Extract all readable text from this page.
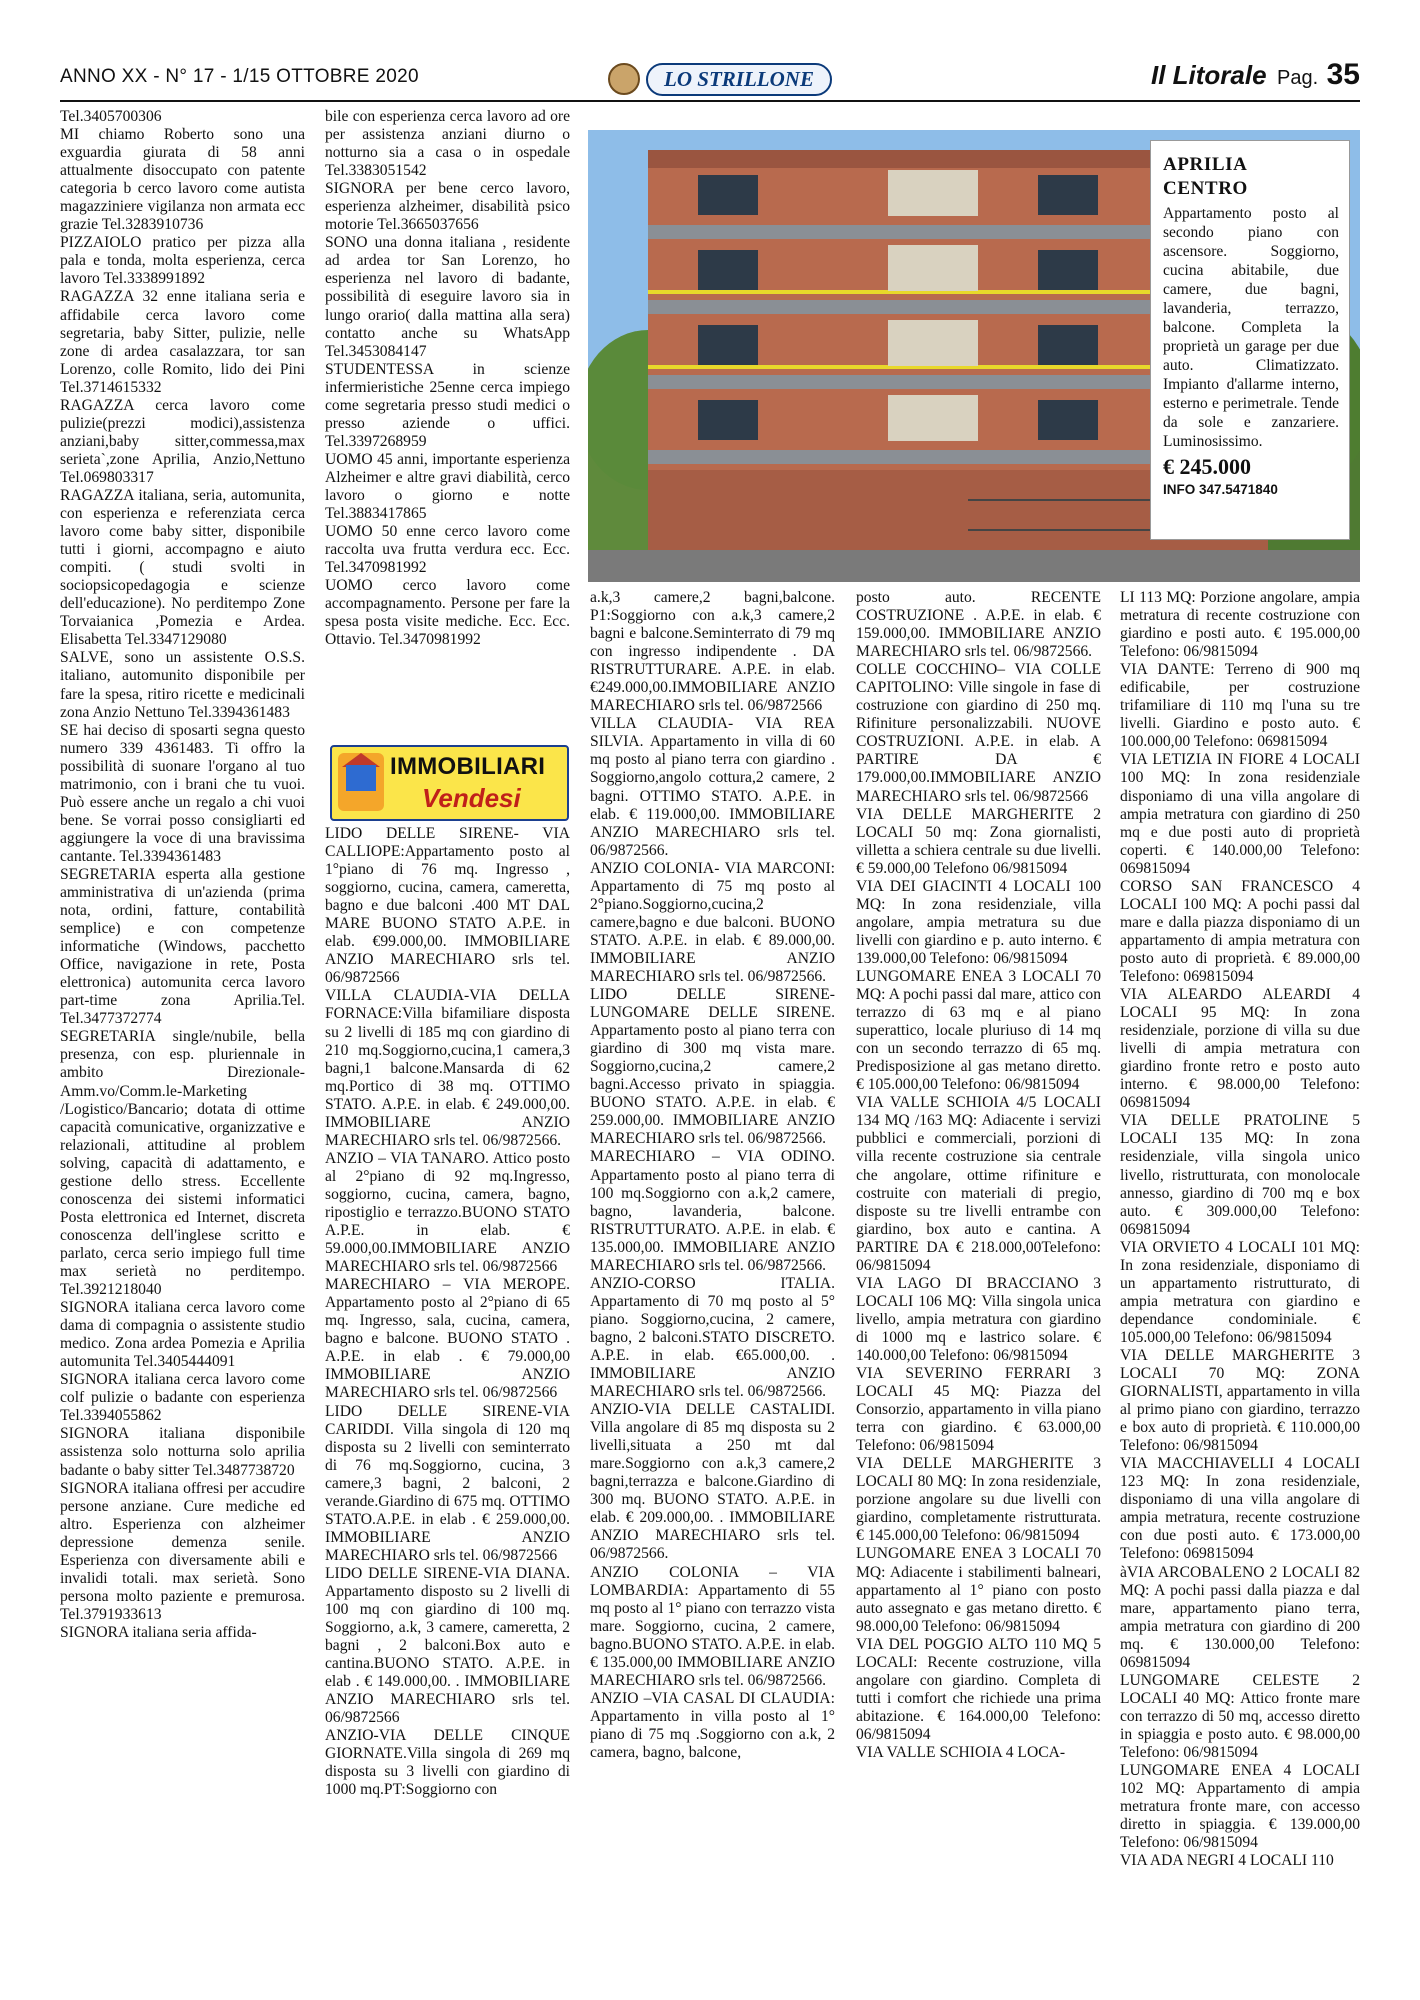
ANNO XX - N° 17 - 1/15 OTTOBRE 2020	LO STRILLONE	Il Litorale Pag. 35

Tel.3405700306

MI chiamo Roberto sono una exguardia giurata di 58 anni attualmente disoccupato con patente categoria b cerco lavoro come autista magazziniere vigilanza non armata ecc grazie Tel.3283910736

PIZZAIOLO pratico per pizza alla pala e tonda, molta esperienza, cerca lavoro Tel.3338991892

RAGAZZA 32 enne italiana seria e affidabile cerca lavoro come segretaria, baby Sitter, pulizie, nelle zone di ardea casalazzara, tor san Lorenzo, colle Romito, lido dei Pini Tel.3714615332

RAGAZZA cerca lavoro come pulizie(prezzi modici),assistenza anziani,baby sitter,commessa,max serieta`,zone Aprilia, Anzio,Nettuno Tel.069803317

RAGAZZA italiana, seria, automunita, con esperienza e referenziata cerca lavoro come baby sitter, disponibile tutti i giorni, accompagno e aiuto compiti. ( studi svolti in sociopsicopedagogia e scienze dell'educazione). No perditempo Zone Torvaianica ,Pomezia e Ardea. Elisabetta Tel.3347129080

SALVE, sono un assistente O.S.S. italiano, automunito disponibile per fare la spesa, ritiro ricette e medicinali zona Anzio Nettuno Tel.3394361483

SE hai deciso di sposarti segna questo numero 339 4361483. Ti offro la possibilità di suonare l'organo al tuo matrimonio, con i brani che tu vuoi. Può essere anche un regalo a chi vuoi bene. Se vorrai posso consigliarti ed aggiungere la voce di una bravissima cantante. Tel.3394361483

SEGRETARIA esperta alla gestione amministrativa di un'azienda (prima nota, ordini, fatture, contabilità semplice) e con competenze informatiche (Windows, pacchetto Office, navigazione in rete, Posta elettronica) automunita cerca lavoro part-time zona Aprilia.Tel. Tel.3477372774

SEGRETARIA single/nubile, bella presenza, con esp. pluriennale in ambito Direzionale-Amm.vo/Comm.le-Marketing /Logistico/Bancario; dotata di ottime capacità comunicative, organizzative e relazionali, attitudine al problem solving, capacità di adattamento, e gestione dello stress. Eccellente conoscenza dei sistemi informatici Posta elettronica ed Internet, discreta conoscenza dell'inglese scritto e parlato, cerca serio impiego full time max serietà no perditempo. Tel.3921218040

SIGNORA italiana cerca lavoro come dama di compagnia o assistente studio medico. Zona ardea Pomezia e Aprilia automunita Tel.3405444091

SIGNORA italiana cerca lavoro come colf pulizie o badante con esperienza Tel.3394055862

SIGNORA italiana disponibile assistenza solo notturna solo aprilia badante o baby sitter Tel.3487738720

SIGNORA italiana offresi per accudire persone anziane. Cure mediche ed altro. Esperienza con alzheimer depressione demenza senile. Esperienza con diversamente abili e invalidi totali. max serietà. Sono persona molto paziente e premurosa. Tel.3791933613

SIGNORA italiana seria affida-

bile con esperienza cerca lavoro ad ore per assistenza anziani diurno o notturno sia a casa o in ospedale Tel.3383051542

SIGNORA per bene cerco lavoro, esperienza alzheimer, disabilità psico motorie Tel.3665037656

SONO una donna italiana , residente ad ardea tor San Lorenzo, ho esperienza nel lavoro di badante, possibilità di eseguire lavoro sia in lungo orario( dalla mattina alla sera) contatto anche su WhatsApp Tel.3453084147

STUDENTESSA in scienze infermieristiche 25enne cerca impiego come segretaria presso studi medici o presso aziende o uffici. Tel.3397268959

UOMO 45 anni, importante esperienza Alzheimer e altre gravi diabilità, cerco lavoro o giorno e notte Tel.3883417865

UOMO 50 enne cerco lavoro come raccolta uva frutta verdura ecc. Ecc. Tel.3470981992

UOMO cerco lavoro come accompagnamento. Persone per fare la spesa posta visite mediche. Ecc. Ecc. Ottavio. Tel.3470981992

IMMOBILIARI
Vendesi

LIDO DELLE SIRENE- VIA CALLIOPE:Appartamento posto al 1°piano di 76 mq. Ingresso , soggiorno, cucina, camera, cameretta, bagno e due balconi .400 MT DAL MARE BUONO STATO A.P.E. in elab. €99.000,00. IMMOBILIARE ANZIO MARECHIARO srls tel. 06/9872566

VILLA CLAUDIA-VIA DELLA FORNACE:Villa bifamiliare disposta su 2 livelli di 185 mq con giardino di 210 mq.Soggiorno,cucina,1 camera,3 bagni,1 balcone.Mansarda di 62 mq.Portico di 38 mq. OTTIMO STATO. A.P.E. in elab. € 249.000,00. IMMOBILIARE ANZIO MARECHIARO srls tel. 06/9872566.

ANZIO – VIA TANARO. Attico posto al 2°piano di 92 mq.Ingresso, soggiorno, cucina, camera, bagno, ripostiglio e terrazzo.BUONO STATO A.P.E. in elab. € 59.000,00.IMMOBILIARE ANZIO MARECHIARO srls tel. 06/9872566

MARECHIARO – VIA MEROPE. Appartamento posto al 2°piano di 65 mq. Ingresso, sala, cucina, camera, bagno e balcone. BUONO STATO . A.P.E. in elab . € 79.000,00 IMMOBILIARE ANZIO MARECHIARO srls tel. 06/9872566

LIDO DELLE SIRENE-VIA CARIDDI. Villa singola di 120 mq disposta su 2 livelli con seminterrato di 76 mq.Soggiorno, cucina, 3 camere,3 bagni, 2 balconi, 2 verande.Giardino di 675 mq. OTTIMO STATO.A.P.E. in elab . € 259.000,00. IMMOBILIARE ANZIO MARECHIARO srls tel. 06/9872566

LIDO DELLE SIRENE-VIA DIANA. Appartamento disposto su 2 livelli di 100 mq con giardino di 100 mq. Soggiorno, a.k, 3 camere, cameretta, 2 bagni , 2 balconi.Box auto e cantina.BUONO STATO. A.P.E. in elab . € 149.000,00. . IMMOBILIARE ANZIO MARECHIARO srls tel. 06/9872566

ANZIO-VIA DELLE CINQUE GIORNATE.Villa singola di 269 mq disposta su 3 livelli con giardino di 1000 mq.PT:Soggiorno con

APRILIA
CENTRO
Appartamento posto al secondo piano con ascensore. Soggiorno, cucina abitabile, due camere, due bagni, lavanderia, terrazzo, balcone. Completa la proprietà un garage per due auto. Climatizzato. Impianto d'allarme interno, esterno e perimetrale. Tende da sole e zanzariere. Luminosissimo.
€ 245.000
INFO 347.5471840

a.k,3 camere,2 bagni,balcone. P1:Soggiorno con a.k,3 camere,2 bagni e balcone.Seminterrato di 79 mq con ingresso indipendente . DA RISTRUTTURARE. A.P.E. in elab. €249.000,00.IMMOBILIARE ANZIO MARECHIARO srls tel. 06/9872566

VILLA CLAUDIA- VIA REA SILVIA. Appartamento in villa di 60 mq posto al piano terra con giardino . Soggiorno,angolo cottura,2 camere, 2 bagni. OTTIMO STATO. A.P.E. in elab. € 119.000,00. IMMOBILIARE ANZIO MARECHIARO srls tel. 06/9872566.

ANZIO COLONIA- VIA MARCONI: Appartamento di 75 mq posto al 2°piano.Soggiorno,cucina,2 camere,bagno e due balconi. BUONO STATO. A.P.E. in elab. € 89.000,00. IMMOBILIARE ANZIO MARECHIARO srls tel. 06/9872566.

LIDO DELLE SIRENE-LUNGOMARE DELLE SIRENE. Appartamento posto al piano terra con giardino di 300 mq vista mare. Soggiorno,cucina,2 camere,2 bagni.Accesso privato in spiaggia. BUONO STATO. A.P.E. in elab. € 259.000,00. IMMOBILIARE ANZIO MARECHIARO srls tel. 06/9872566.

MARECHIARO – VIA ODINO. Appartamento posto al piano terra di 100 mq.Soggiorno con a.k,2 camere, bagno, lavanderia, balcone. RISTRUTTURATO. A.P.E. in elab. € 135.000,00. IMMOBILIARE ANZIO MARECHIARO srls tel. 06/9872566.

ANZIO-CORSO ITALIA. Appartamento di 70 mq posto al 5° piano. Soggiorno,cucina, 2 camere, bagno, 2 balconi.STATO DISCRETO. A.P.E. in elab. €65.000,00. . IMMOBILIARE ANZIO MARECHIARO srls tel. 06/9872566.

ANZIO-VIA DELLE CASTALIDI. Villa angolare di 85 mq disposta su 2 livelli,situata a 250 mt dal mare.Soggiorno con a.k,3 camere,2 bagni,terrazza e balcone.Giardino di 300 mq. BUONO STATO. A.P.E. in elab. € 209.000,00. . IMMOBILIARE ANZIO MARECHIARO srls tel. 06/9872566.

ANZIO COLONIA – VIA LOMBARDIA: Appartamento di 55 mq posto al 1° piano con terrazzo vista mare. Soggiorno, cucina, 2 camere, bagno.BUONO STATO. A.P.E. in elab. € 135.000,00 IMMOBILIARE ANZIO MARECHIARO srls tel. 06/9872566.

ANZIO –VIA CASAL DI CLAUDIA: Appartamento in villa posto al 1° piano di 75 mq .Soggiorno con a.k, 2 camera, bagno, balcone,

posto auto. RECENTE COSTRUZIONE . A.P.E. in elab. € 159.000,00. IMMOBILIARE ANZIO MARECHIARO srls tel. 06/9872566.

COLLE COCCHINO– VIA COLLE CAPITOLINO: Ville singole in fase di costruzione con giardino di 250 mq. Rifiniture personalizzabili. NUOVE COSTRUZIONI. A.P.E. in elab. A PARTIRE DA € 179.000,00.IMMOBILIARE ANZIO MARECHIARO srls tel. 06/9872566

VIA DELLE MARGHERITE 2 LOCALI 50 mq: Zona giornalisti, villetta a schiera centrale su due livelli. € 59.000,00 Telefono 06/9815094

VIA DEI GIACINTI 4 LOCALI 100 MQ: In zona residenziale, villa angolare, ampia metratura su due livelli con giardino e p. auto interno. € 139.000,00 Telefono: 06/9815094

LUNGOMARE ENEA 3 LOCALI 70 MQ: A pochi passi dal mare, attico con terrazzo di 63 mq e al piano superattico, locale pluriuso di 14 mq con un secondo terrazzo di 65 mq. Predisposizione al gas metano diretto. € 105.000,00 Telefono: 06/9815094

VIA VALLE SCHIOIA 4/5 LOCALI 134 MQ /163 MQ: Adiacente i servizi pubblici e commerciali, porzioni di villa recente costruzione sia centrale che angolare, ottime rifiniture e costruite con materiali di pregio, disposte su tre livelli entrambe con giardino, box auto e cantina. A PARTIRE DA € 218.000,00Telefono: 06/9815094

VIA LAGO DI BRACCIANO 3 LOCALI 106 MQ: Villa singola unica livello, ampia metratura con giardino di 1000 mq e lastrico solare. € 140.000,00 Telefono: 06/9815094

VIA SEVERINO FERRARI 3 LOCALI 45 MQ: Piazza del Consorzio, appartamento in villa piano terra con giardino. € 63.000,00 Telefono: 06/9815094

VIA DELLE MARGHERITE 3 LOCALI 80 MQ: In zona residenziale, porzione angolare su due livelli con giardino, completamente ristrutturata. € 145.000,00 Telefono: 06/9815094

LUNGOMARE ENEA 3 LOCALI 70 MQ: Adiacente i stabilimenti balneari, appartamento al 1° piano con posto auto assegnato e gas metano diretto. € 98.000,00 Telefono: 06/9815094

VIA DEL POGGIO ALTO 110 MQ 5 LOCALI: Recente costruzione, villa angolare con giardino. Completa di tutti i comfort che richiede una prima abitazione. € 164.000,00 Telefono: 06/9815094

VIA VALLE SCHIOIA 4 LOCA-

LI 113 MQ: Porzione angolare, ampia metratura di recente costruzione con giardino e posti auto. € 195.000,00 Telefono: 06/9815094

VIA DANTE: Terreno di 900 mq edificabile, per costruzione trifamiliare di 110 mq l'una su tre livelli. Giardino e posto auto. € 100.000,00 Telefono: 069815094

VIA LETIZIA IN FIORE 4 LOCALI 100 MQ: In zona residenziale disponiamo di una villa angolare di ampia metratura con giardino di 250 mq e due posti auto di proprietà coperti. € 140.000,00 Telefono: 069815094

CORSO SAN FRANCESCO 4 LOCALI 100 MQ: A pochi passi dal mare e dalla piazza disponiamo di un appartamento di ampia metratura con posto auto di proprietà. € 89.000,00 Telefono: 069815094

VIA ALEARDO ALEARDI 4 LOCALI 95 MQ: In zona residenziale, porzione di villa su due livelli di ampia metratura con giardino fronte retro e posto auto interno. € 98.000,00 Telefono: 069815094

VIA DELLE PRATOLINE 5 LOCALI 135 MQ: In zona residenziale, villa singola unico livello, ristrutturata, con monolocale annesso, giardino di 700 mq e box auto. € 309.000,00 Telefono: 069815094

VIA ORVIETO 4 LOCALI 101 MQ: In zona residenziale, disponiamo di un appartamento ristrutturato, di ampia metratura con giardino e dependance condominiale. € 105.000,00 Telefono: 06/9815094

VIA DELLE MARGHERITE 3 LOCALI 70 MQ: ZONA GIORNALISTI, appartamento in villa al primo piano con giardino, terrazzo e box auto di proprietà. € 110.000,00 Telefono: 06/9815094

VIA MACCHIAVELLI 4 LOCALI 123 MQ: In zona residenziale, disponiamo di una villa angolare di ampia metratura, recente costruzione con due posti auto. € 173.000,00 Telefono: 069815094

àVIA ARCOBALENO 2 LOCALI 82 MQ: A pochi passi dalla piazza e dal mare, appartamento piano terra, ampia metratura con giardino di 200 mq. € 130.000,00 Telefono: 069815094

LUNGOMARE CELESTE 2 LOCALI 40 MQ: Attico fronte mare con terrazzo di 50 mq, accesso diretto in spiaggia e posto auto. € 98.000,00 Telefono: 06/9815094

LUNGOMARE ENEA 4 LOCALI 102 MQ: Appartamento di ampia metratura fronte mare, con accesso diretto in spiaggia. € 139.000,00 Telefono: 06/9815094

VIA ADA NEGRI 4 LOCALI 110
